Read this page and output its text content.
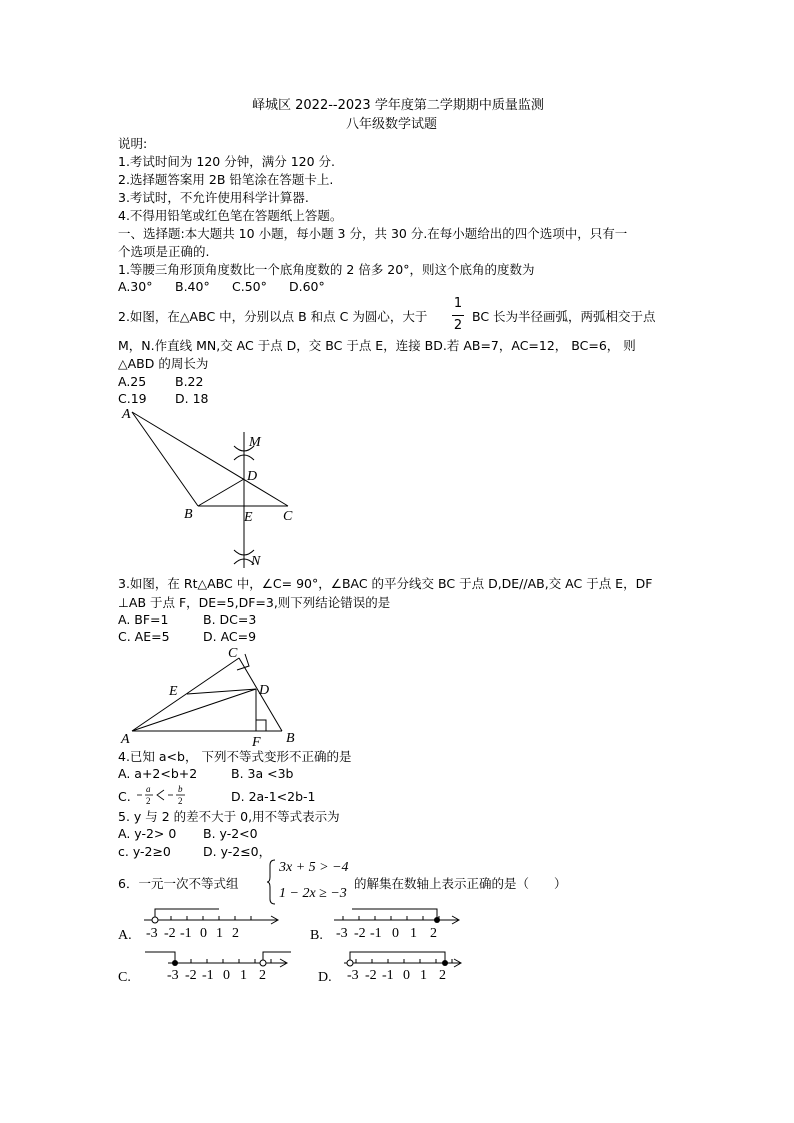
峄城区 2022--2023 学年度第二学期期中质量监测
八年级数学试题
说明:
1.考试时间为 120 分钟，满分 120 分.
2.选择题答案用 2B 铅笔涂在答题卡上.
3.考试时，不允许使用科学计算器.
4.不得用铅笔或红色笔在答题纸上答题。
一、选择题:本大题共 10 小题，每小题 3 分，共 30 分.在每小题给出的四个选项中，只有一
个选项是正确的.
1.等腰三角形顶角度数比一个底角度数的 2 倍多 20°，则这个底角的度数为
A.30° B.40° C.50° D.60°
2.如图，在△ABC 中，分别以点 B 和点 C 为圆心，大于
1
2
BC 长为半径画弧，两弧相交于点
M，N.作直线 MN,交 AC 于点 D，交 BC 于点 E，连接 BD.若 AB=7，AC=12， BC=6， 则
△ABD 的周长为
A.25 B.22
C.19 D. 18
A
M
D
B	E C
N
3.如图，在 Rt△ABC 中，∠C= 90°，∠BAC 的平分线交 BC 于点 D,DE//AB,交 AC 于点 E，DF
⊥AB 于点 F，DE=5,DF=3,则下列结论错误的是
A. BF=1	B. DC=3
C. AE=5	D. AC=9
C
E	D
A	F B
4.已知 a<b， 下列不等式变形不正确的是
A. a+2<b+2	B. 3a <3b
C. a
2
b
2	D. 2a-1<2b-1
5. y 与 2 的差不大于 0,用不等式表示为
A. y-2> 0 B. y-2<0
c. y-2≥0	D. y-2≤0，
6．一元一次不等式组
3x + 5 > −4
1 − 2x ≥ −3
的解集在数轴上表示正确的是（　　）
A.	B.
C.	D.
-3 -2 -1 0 1 2	-3 -2 -1 0 1 2
-3 -2 -1 0 1 2	-3 -2 -1 0 1 2
